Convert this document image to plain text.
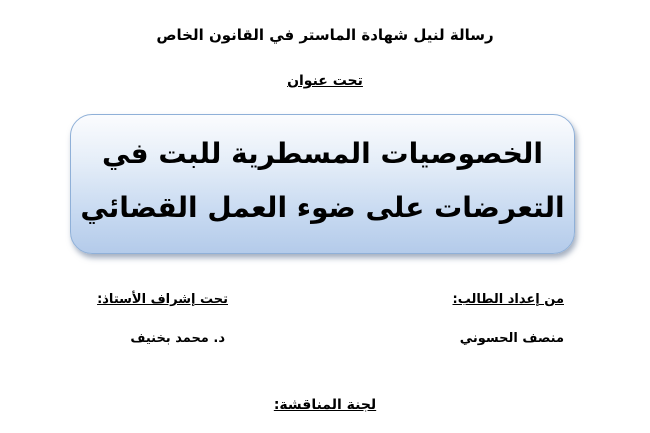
رسالة لنيل شهادة الماستر في القانون الخاص
تحت عنوان
الخصوصيات المسطرية للبت في
التعرضات على ضوء العمل القضائي
من إعداد الطالب:
تحت إشراف الأستاذ:
منصف الحسوني
د. محمد بخنيف
لجنة المناقشة:
